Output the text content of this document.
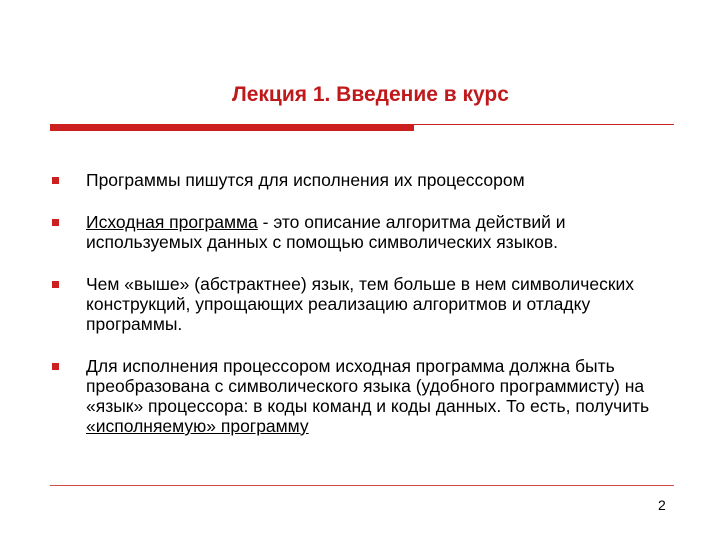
Лекция 1. Введение в курс
Программы пишутся для исполнения их процессором
Исходная программа - это описание алгоритма действий и используемых данных с помощью символических языков.
Чем «выше» (абстрактнее) язык, тем больше в нем символических конструкций, упрощающих реализацию алгоритмов и отладку программы.
Для исполнения процессором исходная программа должна быть преобразована с символического языка (удобного программисту) на «язык» процессора: в коды команд и коды данных. То есть, получить «исполняемую» программу
2
